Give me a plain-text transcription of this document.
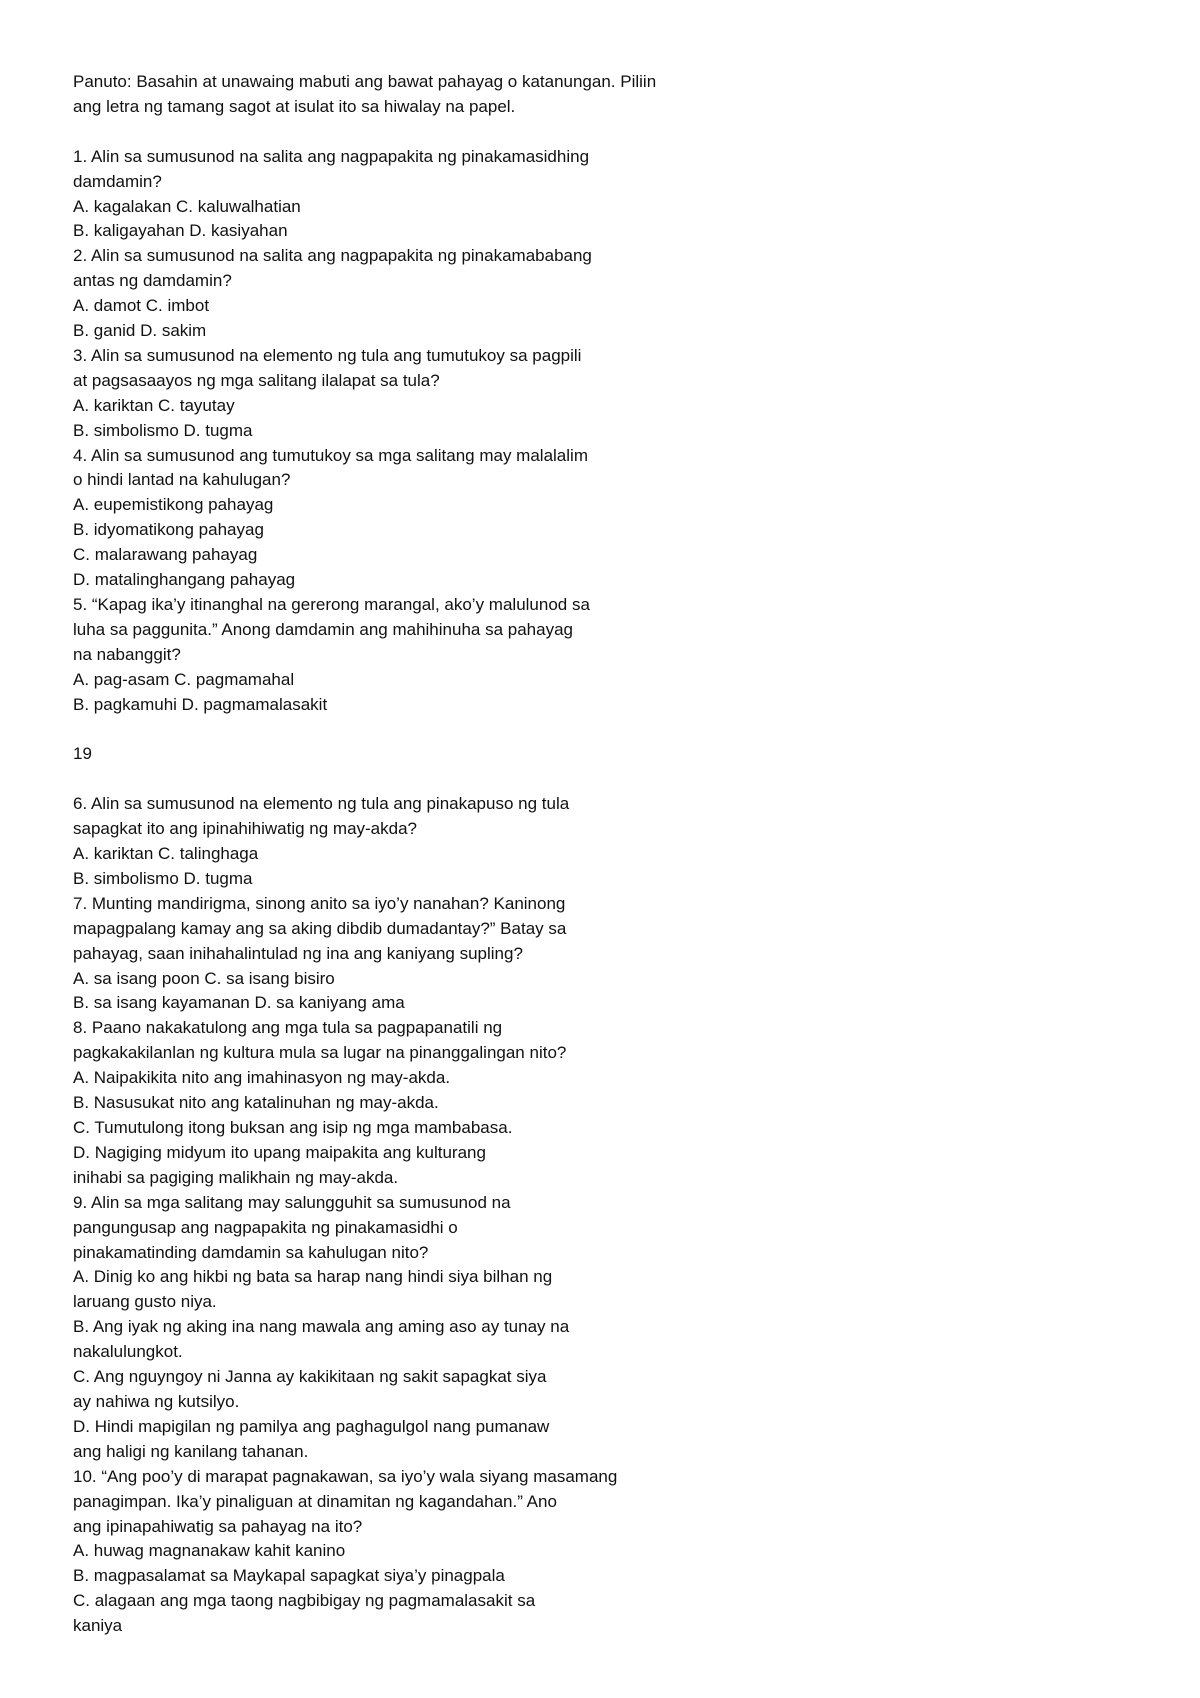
Panuto: Basahin at unawaing mabuti ang bawat pahayag o katanungan. Piliin
ang letra ng tamang sagot at isulat ito sa hiwalay na papel.
1. Alin sa sumusunod na salita ang nagpapakita ng pinakamasidhing
damdamin?
A. kagalakan C. kaluwalhatian
B. kaligayahan D. kasiyahan
2. Alin sa sumusunod na salita ang nagpapakita ng pinakamababang
antas ng damdamin?
A. damot C. imbot
B. ganid D. sakim
3. Alin sa sumusunod na elemento ng tula ang tumutukoy sa pagpili
at pagsasaayos ng mga salitang ilalapat sa tula?
A. kariktan C. tayutay
B. simbolismo D. tugma
4. Alin sa sumusunod ang tumutukoy sa mga salitang may malalalim
o hindi lantad na kahulugan?
A. eupemistikong pahayag
B. idyomatikong pahayag
C. malarawang pahayag
D. matalinghangang pahayag
5. “Kapag ika’y itinanghal na gererong marangal, ako’y malulunod sa
luha sa paggunita.” Anong damdamin ang mahihinuha sa pahayag
na nabanggit?
A. pag-asam C. pagmamahal
B. pagkamuhi D. pagmamalasakit
19
6. Alin sa sumusunod na elemento ng tula ang pinakapuso ng tula
sapagkat ito ang ipinahihiwatig ng may-akda?
A. kariktan C. talinghaga
B. simbolismo D. tugma
7. Munting mandirigma, sinong anito sa iyo’y nanahan? Kaninong
mapagpalang kamay ang sa aking dibdib dumadantay?” Batay sa
pahayag, saan inihahalintulad ng ina ang kaniyang supling?
A. sa isang poon C. sa isang bisiro
B. sa isang kayamanan D. sa kaniyang ama
8. Paano nakakatulong ang mga tula sa pagpapanatili ng
pagkakakilanlan ng kultura mula sa lugar na pinanggalingan nito?
A. Naipakikita nito ang imahinasyon ng may-akda.
B. Nasusukat nito ang katalinuhan ng may-akda.
C. Tumutulong itong buksan ang isip ng mga mambabasa.
D. Nagiging midyum ito upang maipakita ang kulturang
inihabi sa pagiging malikhain ng may-akda.
9. Alin sa mga salitang may salungguhit sa sumusunod na
pangungusap ang nagpapakita ng pinakamasidhi o
pinakamatinding damdamin sa kahulugan nito?
A. Dinig ko ang hikbi ng bata sa harap nang hindi siya bilhan ng
laruang gusto niya.
B. Ang iyak ng aking ina nang mawala ang aming aso ay tunay na
nakalulungkot.
C. Ang nguyngoy ni Janna ay kakikitaan ng sakit sapagkat siya
ay nahiwa ng kutsilyo.
D. Hindi mapigilan ng pamilya ang paghagulgol nang pumanaw
ang haligi ng kanilang tahanan.
10. “Ang poo’y di marapat pagnakawan, sa iyo’y wala siyang masamang
panagimpan. Ika’y pinaliguan at dinamitan ng kagandahan.” Ano
ang ipinapahiwatig sa pahayag na ito?
A. huwag magnanakaw kahit kanino
B. magpasalamat sa Maykapal sapagkat siya’y pinagpala
C. alagaan ang mga taong nagbibigay ng pagmamalasakit sa
kaniya
